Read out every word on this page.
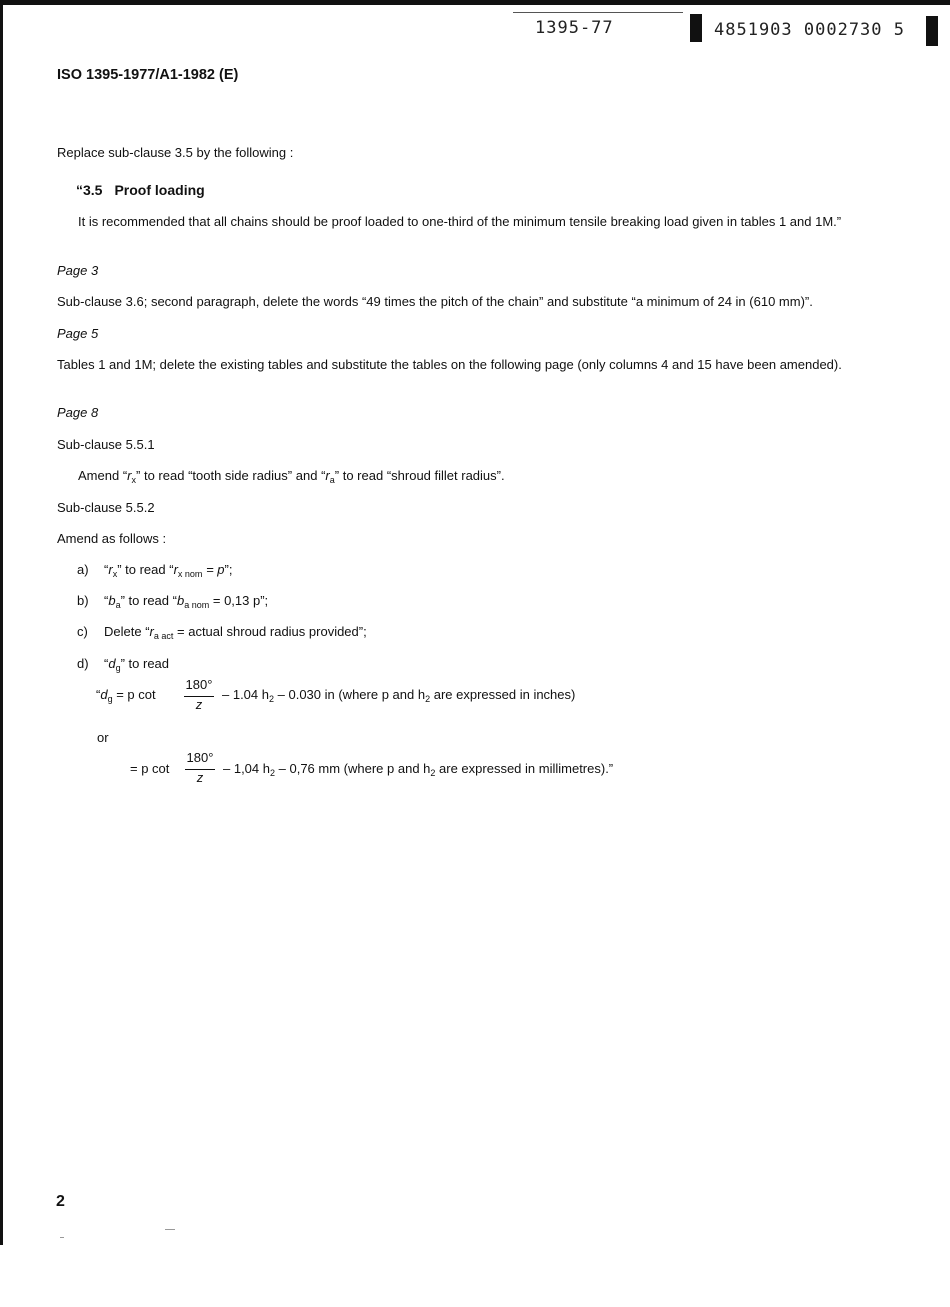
1395-77	4851903 0002730 5
ISO 1395-1977/A1-1982 (E)
Replace sub-clause 3.5 by the following :
“3.5 Proof loading
It is recommended that all chains should be proof loaded to one-third of the minimum tensile breaking load given in tables 1 and 1M.”
Page 3
Sub-clause 3.6; second paragraph, delete the words “49 times the pitch of the chain” and substitute “a minimum of 24 in (610 mm)”.
Page 5
Tables 1 and 1M; delete the existing tables and substitute the tables on the following page (only columns 4 and 15 have been amended).
Page 8
Sub-clause 5.5.1
Amend “$r_x$” to read “tooth side radius” and “$r_a$” to read “shroud fillet radius”.
Sub-clause 5.5.2
Amend as follows :
a) “$r_x$” to read “$r_{x nom} = p$”;
b) “$b_a$” to read “$b_{a nom} = 0,13$ p”;
c) Delete “$r_{a act}$ = actual shroud radius provided”;
d) “$d_g$” to read
“$d_g = p$ cot
180°
z
– 1.04 $h_2 - 0.030$ in (where p and $h_2$ are expressed in inches)
or
= p cot
180°
z
– 1,04 $h_2 - 0,76$ mm (where p and $h_2$ are expressed in millimetres).”
2
